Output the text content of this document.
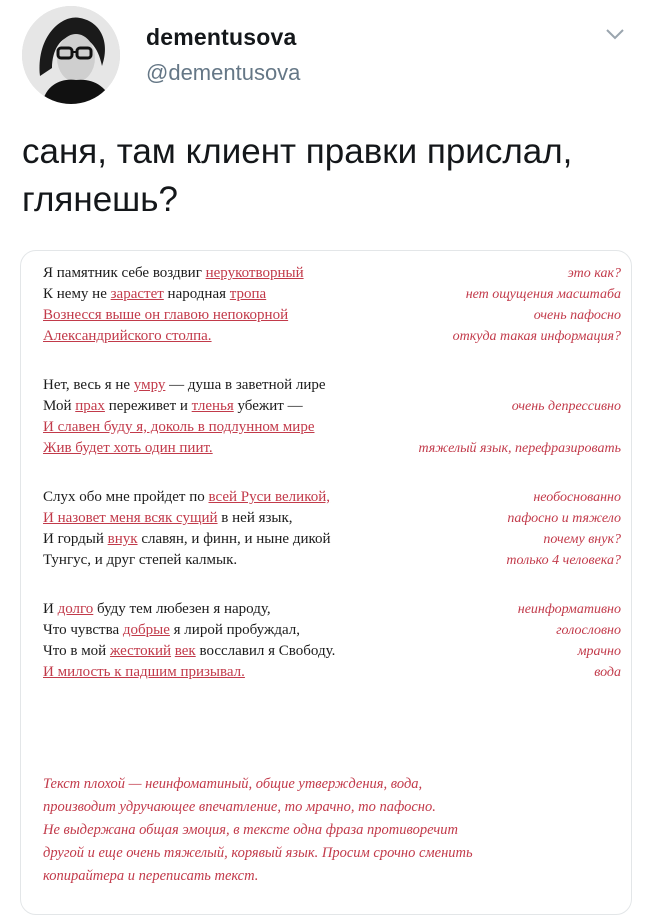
dementusova
@dementusova
саня, там клиент правки прислал, глянешь?
Я памятник себе воздвиг нерукотворный
К нему не зарастет народная тропа
Вознесся выше он главою непокорной
Александрийского столпа.
Нет, весь я не умру — душа в заветной лире
Мой прах переживет и тленья убежит —
И славен буду я, доколь в подлунном мире
Жив будет хоть один пиит.
Слух обо мне пройдет по всей Руси великой,
И назовет меня всяк сущий в ней язык,
И гордый внук славян, и финн, и ныне дикой
Тунгус, и друг степей калмык.
И долго буду тем любезен я народу,
Что чувства добрые я лирой пробуждал,
Что в мой жестокий век восславил я Свободу.
И милость к падшим призывал.
это как?
нет ощущения масштаба
очень пафосно
откуда такая информация?
очень депрессивно
тяжелый язык, перефразировать
необоснованно
пафосно и тяжело
почему внук?
только 4 человека?
неинформативно
голословно
мрачно
вода
Текст плохой — неинфоматиный, общие утверждения, вода,
производит удручающее впечатление, то мрачно, то пафосно.
Не выдержана общая эмоция, в тексте одна фраза противоречит
другой и еще очень тяжелый, корявый язык. Просим срочно сменить
копирайтера и переписать текст.
